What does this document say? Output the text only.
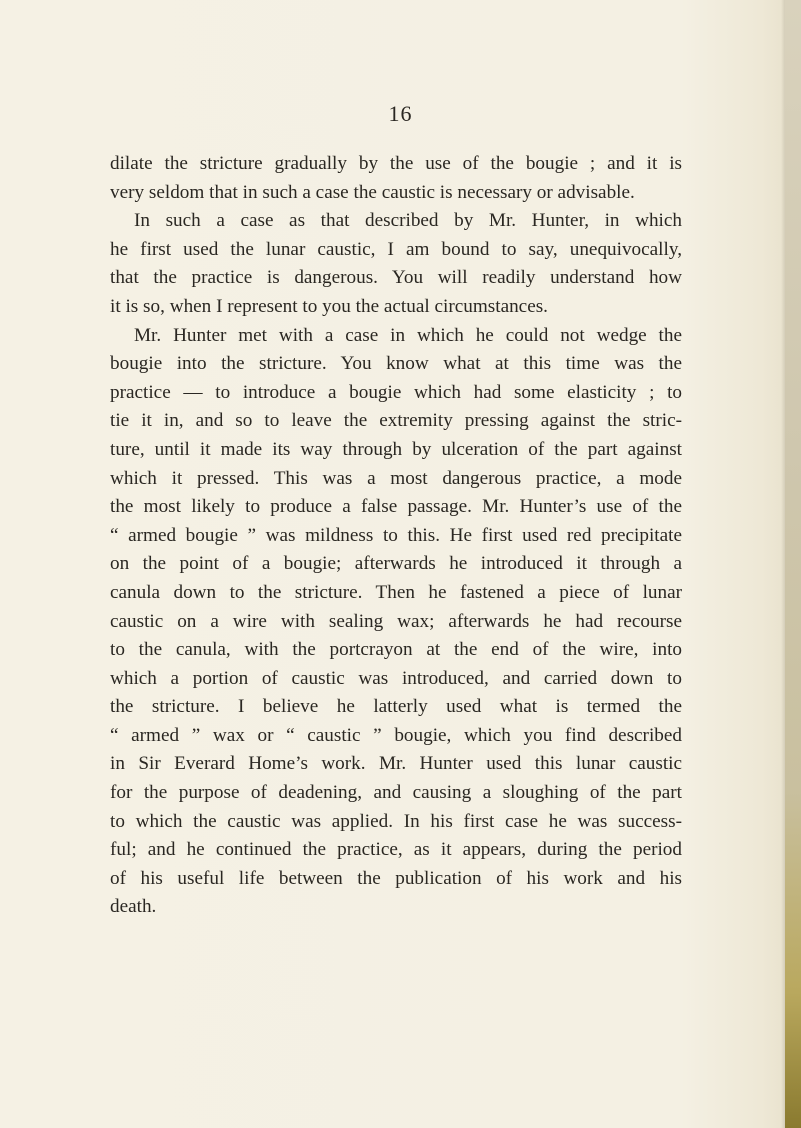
16
dilate the stricture gradually by the use of the bougie ; and it is
very seldom that in such a case the caustic is necessary or advisable.
In such a case as that described by Mr. Hunter, in which
he first used the lunar caustic, I am bound to say, unequivocally,
that the practice is dangerous. You will readily understand how
it is so, when I represent to you the actual circumstances.
Mr. Hunter met with a case in which he could not wedge the
bougie into the stricture. You know what at this time was the
practice — to introduce a bougie which had some elasticity ; to
tie it in, and so to leave the extremity pressing against the stric-
ture, until it made its way through by ulceration of the part against
which it pressed. This was a most dangerous practice, a mode
the most likely to produce a false passage. Mr. Hunter’s use of the
“ armed bougie ” was mildness to this. He first used red precipitate
on the point of a bougie; afterwards he introduced it through a
canula down to the stricture. Then he fastened a piece of lunar
caustic on a wire with sealing wax; afterwards he had recourse
to the canula, with the portcrayon at the end of the wire, into
which a portion of caustic was introduced, and carried down to
the stricture. I believe he latterly used what is termed the
“ armed ” wax or “ caustic ” bougie, which you find described
in Sir Everard Home’s work. Mr. Hunter used this lunar caustic
for the purpose of deadening, and causing a sloughing of the part
to which the caustic was applied. In his first case he was success-
ful; and he continued the practice, as it appears, during the period
of his useful life between the publication of his work and his
death.
